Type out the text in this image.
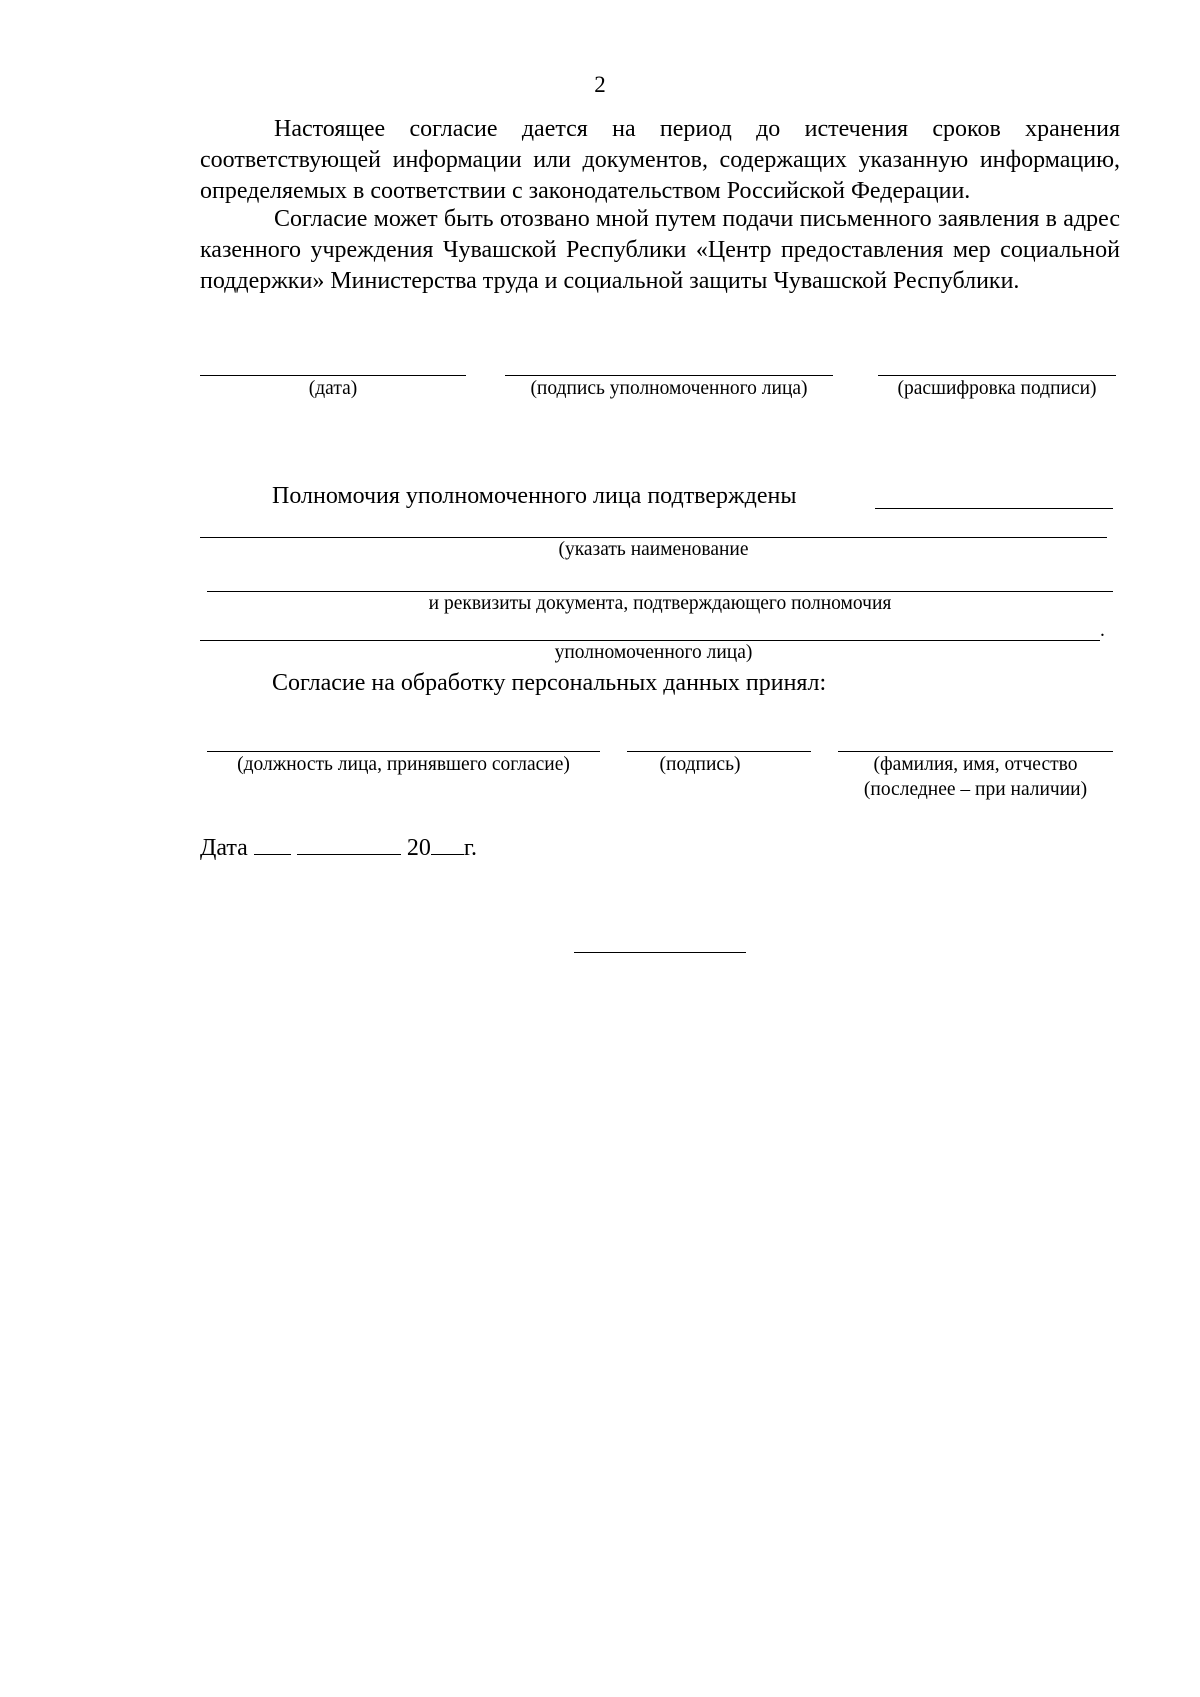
2

Настоящее согласие дается на период до истечения сроков хранения соответствующей информации или документов, содержащих указанную информацию, определяемых в соответствии с законодательством Российской Федерации.

Согласие может быть отозвано мной путем подачи письменного заявления в адрес казенного учреждения Чувашской Республики «Центр предоставления мер социальной поддержки» Министерства труда и социальной защиты Чувашской Республики.

(дата)	(подпись уполномоченного лица)	(расшифровка подписи)
Полномочия уполномоченного лица подтверждены
(указать наименование
и реквизиты документа, подтверждающего полномочия
.
уполномоченного лица)
Согласие на обработку персональных данных принял:
(должность лица, принявшего согласие)	(подпись)	(фамилия, имя, отчество
(последнее – при наличии)
Дата	20 г.
